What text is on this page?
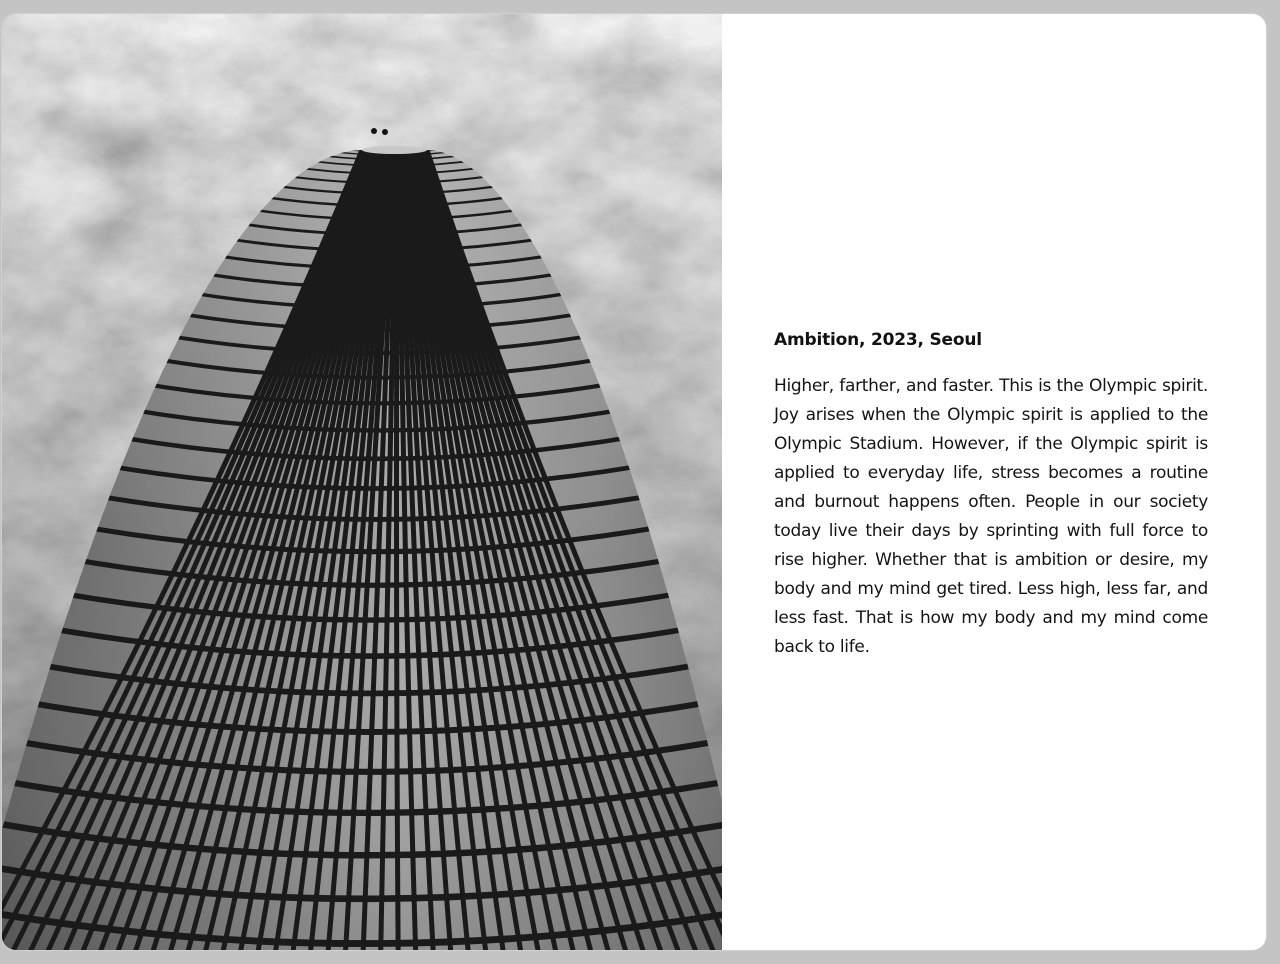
Ambition, 2023, Seoul

Higher, farther, and faster. This is the Olympic spirit. Joy arises when the Olympic spirit is applied to the Olympic Stadium. However, if the Olympic spirit is applied to everyday life, stress becomes a routine and burnout happens often. People in our society today live their days by sprinting with full force to rise higher. Whether that is ambition or desire, my body and my mind get tired. Less high, less far, and less fast. That is how my body and my mind come back to life.
